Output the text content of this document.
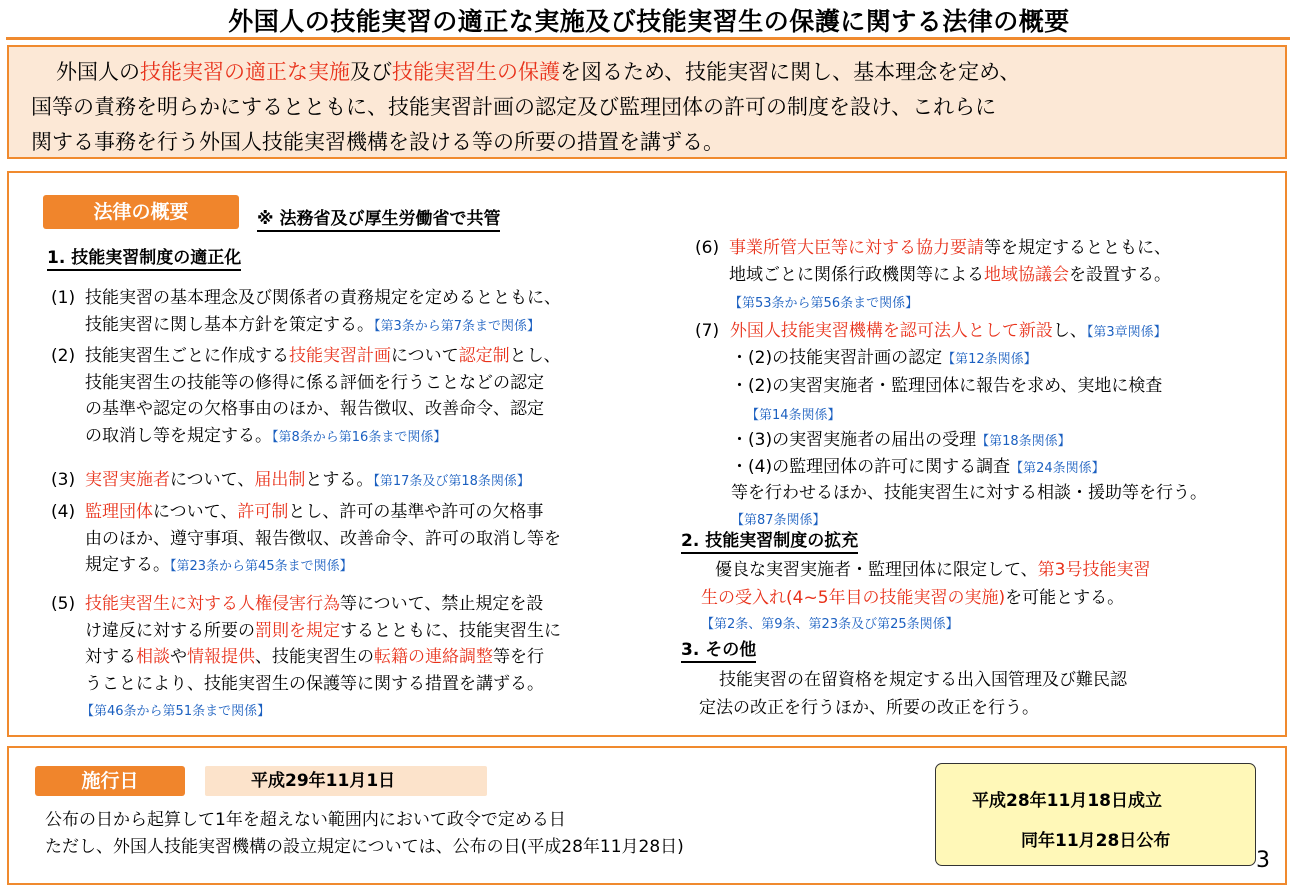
外国人の技能実習の適正な実施及び技能実習生の保護に関する法律の概要
外国人の技能実習の適正な実施及び技能実習生の保護を図るため、技能実習に関し、基本理念を定め、
国等の責務を明らかにするとともに、技能実習計画の認定及び監理団体の許可の制度を設け、これらに
関する事務を行う外国人技能実習機構を設ける等の所要の措置を講ずる。
法律の概要	※ 法務省及び厚生労働省で共管
1. 技能実習制度の適正化
(1) 技能実習の基本理念及び関係者の責務規定を定めるとともに、
技能実習に関し基本方針を策定する。【第3条から第7条まで関係】
(2) 技能実習生ごとに作成する技能実習計画について認定制とし、
技能実習生の技能等の修得に係る評価を行うことなどの認定
の基準や認定の欠格事由のほか、報告徴収、改善命令、認定
の取消し等を規定する。【第8条から第16条まで関係】
(3) 実習実施者について、届出制とする。【第17条及び第18条関係】
(4) 監理団体について、許可制とし、許可の基準や許可の欠格事
由のほか、遵守事項、報告徴収、改善命令、許可の取消し等を
規定する。【第23条から第45条まで関係】
(5) 技能実習生に対する人権侵害行為等について、禁止規定を設
け違反に対する所要の罰則を規定するとともに、技能実習生に
対する相談や情報提供、技能実習生の転籍の連絡調整等を行
うことにより、技能実習生の保護等に関する措置を講ずる。
【第46条から第51条まで関係】
(6) 事業所管大臣等に対する協力要請等を規定するとともに、
地域ごとに関係行政機関等による地域協議会を設置する。
【第53条から第56条まで関係】
(7) 外国人技能実習機構を認可法人として新設し、【第3章関係】
・(2)の技能実習計画の認定【第12条関係】
・(2)の実習実施者・監理団体に報告を求め、実地に検査
【第14条関係】
・(3)の実習実施者の届出の受理【第18条関係】
・(4)の監理団体の許可に関する調査【第24条関係】
等を行わせるほか、技能実習生に対する相談・援助等を行う。
【第87条関係】
2. 技能実習制度の拡充
優良な実習実施者・監理団体に限定して、第3号技能実習
生の受入れ(4~5年目の技能実習の実施)を可能とする。
【第2条、第9条、第23条及び第25条関係】
3. その他
技能実習の在留資格を規定する出入国管理及び難民認
定法の改正を行うほか、所要の改正を行う。
施行日	平成29年11月1日
公布の日から起算して1年を超えない範囲内において政令で定める日
ただし、外国人技能実習機構の設立規定については、公布の日(平成28年11月28日)
平成28年11月18日成立
同年11月28日公布
3
